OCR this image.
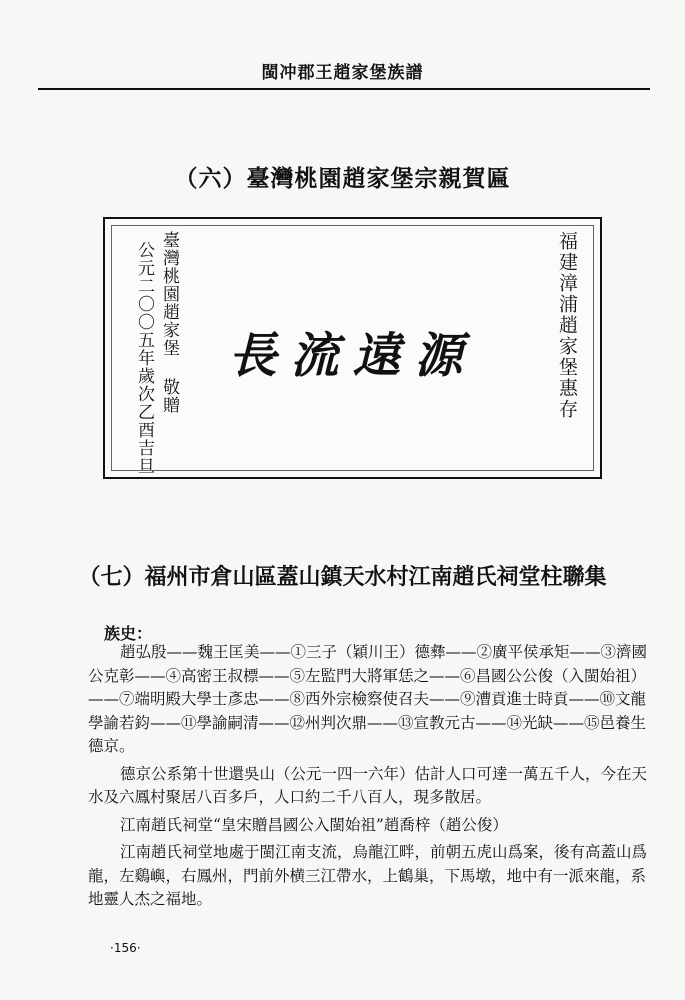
閩冲郡王趙家堡族譜
（六）臺灣桃園趙家堡宗親賀匾
福建漳浦趙家堡惠存
長流遠源
臺灣桃園趙家堡 敬贈
公元二〇〇五年歲次乙酉吉旦
（七）福州市倉山區蓋山鎮天水村江南趙氏祠堂柱聯集
族史：

趙弘殷——魏王匡美——①三子（穎川王）德彝——②廣平侯承矩——③濟國公克彰——④高密王叔標——⑤左監門大將軍恁之——⑥昌國公公俊（入閩始祖）——⑦端明殿大學士彥忠——⑧西外宗檢察使召夫——⑨漕貢進士時貢——⑩文龍學諭若鈞——⑪學諭嗣清——⑫州判次鼎——⑬宣教元古——⑭光缺——⑮邑養生德京。

德京公系第十世還吳山（公元一四一六年）估計人口可達一萬五千人，今在天水及六鳳村聚居八百多戶，人口約二千八百人，現多散居。

江南趙氏祠堂“皇宋贈昌國公入閩始祖”趙喬梓（趙公俊）

江南趙氏祠堂地處于閩江南支流，烏龍江畔，前朝五虎山爲案，後有高蓋山爲龍，左鷄嶼，右鳳州，門前外横三江帶水，上鶴巢，下馬墩，地中有一派來龍，系地靈人杰之福地。

·156·
